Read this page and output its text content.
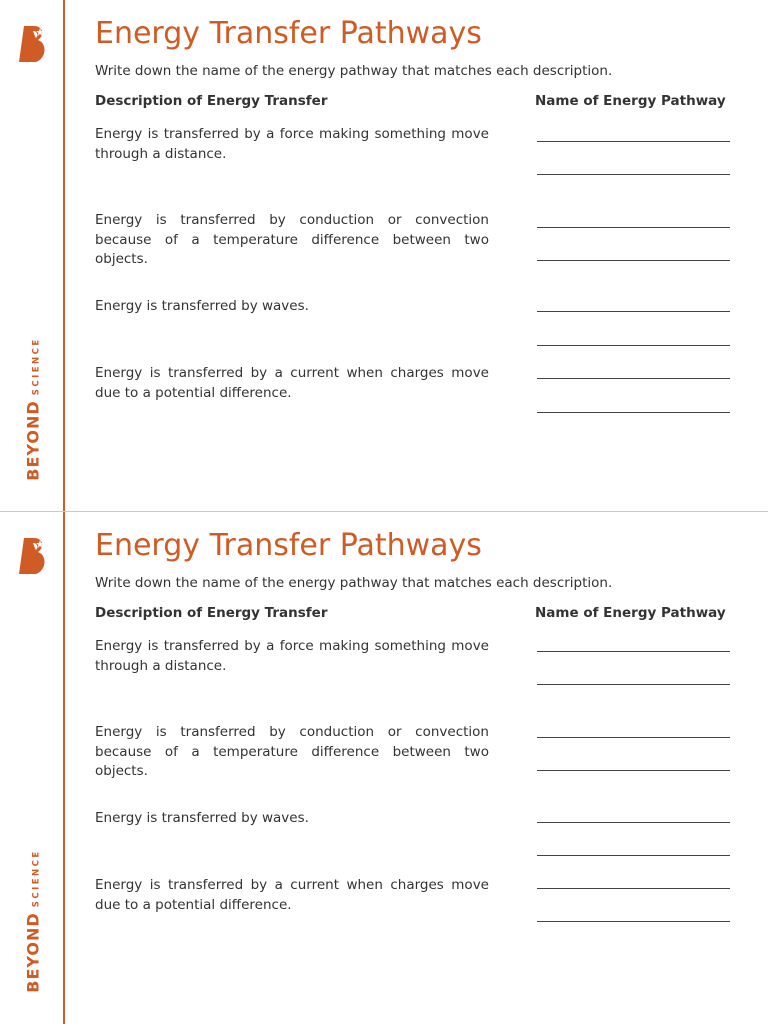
BEYONDSCIENCE
Energy Transfer Pathways
Write down the name of the energy pathway that matches each description.
Description of Energy Transfer	Name of Energy Pathway
Energy is transferred by a force making something move through a distance.
Energy is transferred by conduction or convection because of a temperature difference between two objects.
Energy is transferred by waves.
Energy is transferred by a current when charges move due to a potential difference.
BEYONDSCIENCE
Energy Transfer Pathways
Write down the name of the energy pathway that matches each description.
Description of Energy Transfer	Name of Energy Pathway
Energy is transferred by a force making something move through a distance.
Energy is transferred by conduction or convection because of a temperature difference between two objects.
Energy is transferred by waves.
Energy is transferred by a current when charges move due to a potential difference.
